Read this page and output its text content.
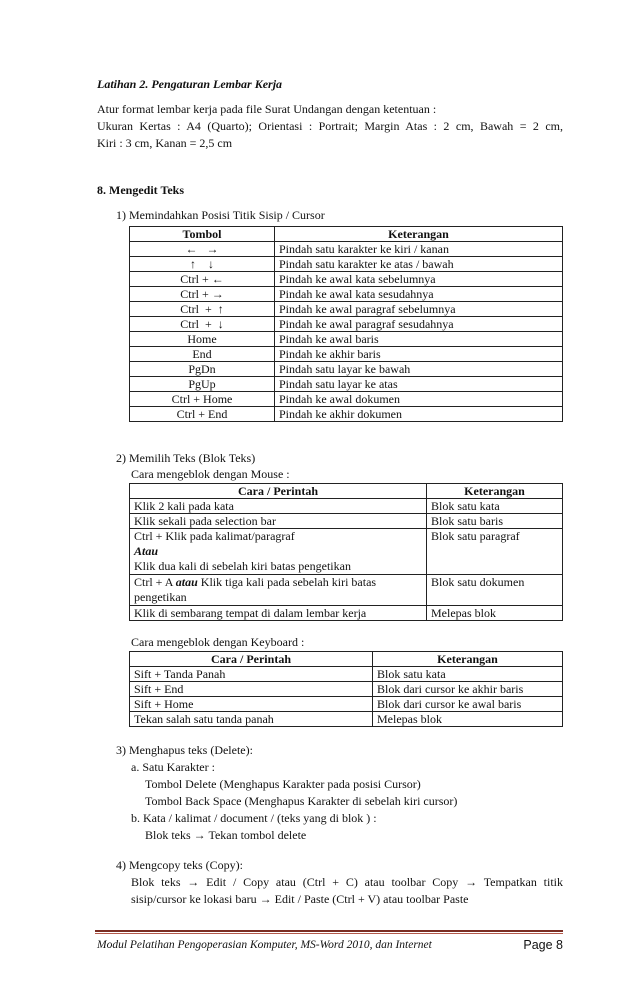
Latihan 2. Pengaturan Lembar Kerja
Atur format lembar kerja pada file Surat Undangan dengan ketentuan :
Ukuran Kertas : A4 (Quarto); Orientasi : Portrait; Margin Atas : 2 cm, Bawah = 2 cm,
Kiri : 3 cm, Kanan = 2,5 cm
8. Mengedit Teks
1) Memindahkan Posisi Titik Sisip / Cursor
Tombol	Keterangan
←   →	Pindah satu karakter ke kiri / kanan
↑    ↓	Pindah satu karakter ke atas / bawah
Ctrl + ←	Pindah ke awal kata sebelumnya
Ctrl + →	Pindah ke awal kata sesudahnya
Ctrl  +  ↑	Pindah ke awal paragraf sebelumnya
Ctrl  +  ↓	Pindah ke awal paragraf sesudahnya
Home	Pindah ke awal baris
End	Pindah ke akhir baris
PgDn	Pindah satu layar ke bawah
PgUp	Pindah satu layar ke atas
Ctrl + Home	Pindah ke awal dokumen
Ctrl + End	Pindah ke akhir dokumen
2) Memilih Teks (Blok Teks)
Cara mengeblok dengan Mouse :
Cara / Perintah	Keterangan
Klik 2 kali pada kata	Blok satu kata
Klik sekali pada selection bar	Blok satu baris

Ctrl + Klik pada kalimat/paragraf
Atau
Klik dua kali di sebelah kiri batas pengetikan	Blok satu paragraf
Ctrl + A atau Klik tiga kali pada sebelah kiri batas pengetikan	Blok satu dokumen
Klik di sembarang tempat di dalam lembar kerja	Melepas blok
Cara mengeblok dengan Keyboard :
Cara / Perintah	Keterangan
Sift + Tanda Panah	Blok satu kata
Sift + End	Blok dari cursor ke akhir baris
Sift + Home	Blok dari cursor ke awal baris
Tekan salah satu tanda panah	Melepas blok
3) Menghapus teks (Delete):
a. Satu Karakter :
Tombol Delete (Menghapus Karakter pada posisi Cursor)
Tombol Back Space (Menghapus Karakter di sebelah kiri cursor)
b. Kata / kalimat / document / (teks yang di blok ) :
Blok teks → Tekan tombol delete
4) Mengcopy teks (Copy):
Blok teks → Edit / Copy atau (Ctrl + C) atau toolbar Copy → Tempatkan titik
sisip/cursor ke lokasi baru → Edit / Paste (Ctrl + V) atau toolbar Paste
Modul Pelatihan Pengoperasian Komputer, MS-Word 2010, dan Internet	Page 8
